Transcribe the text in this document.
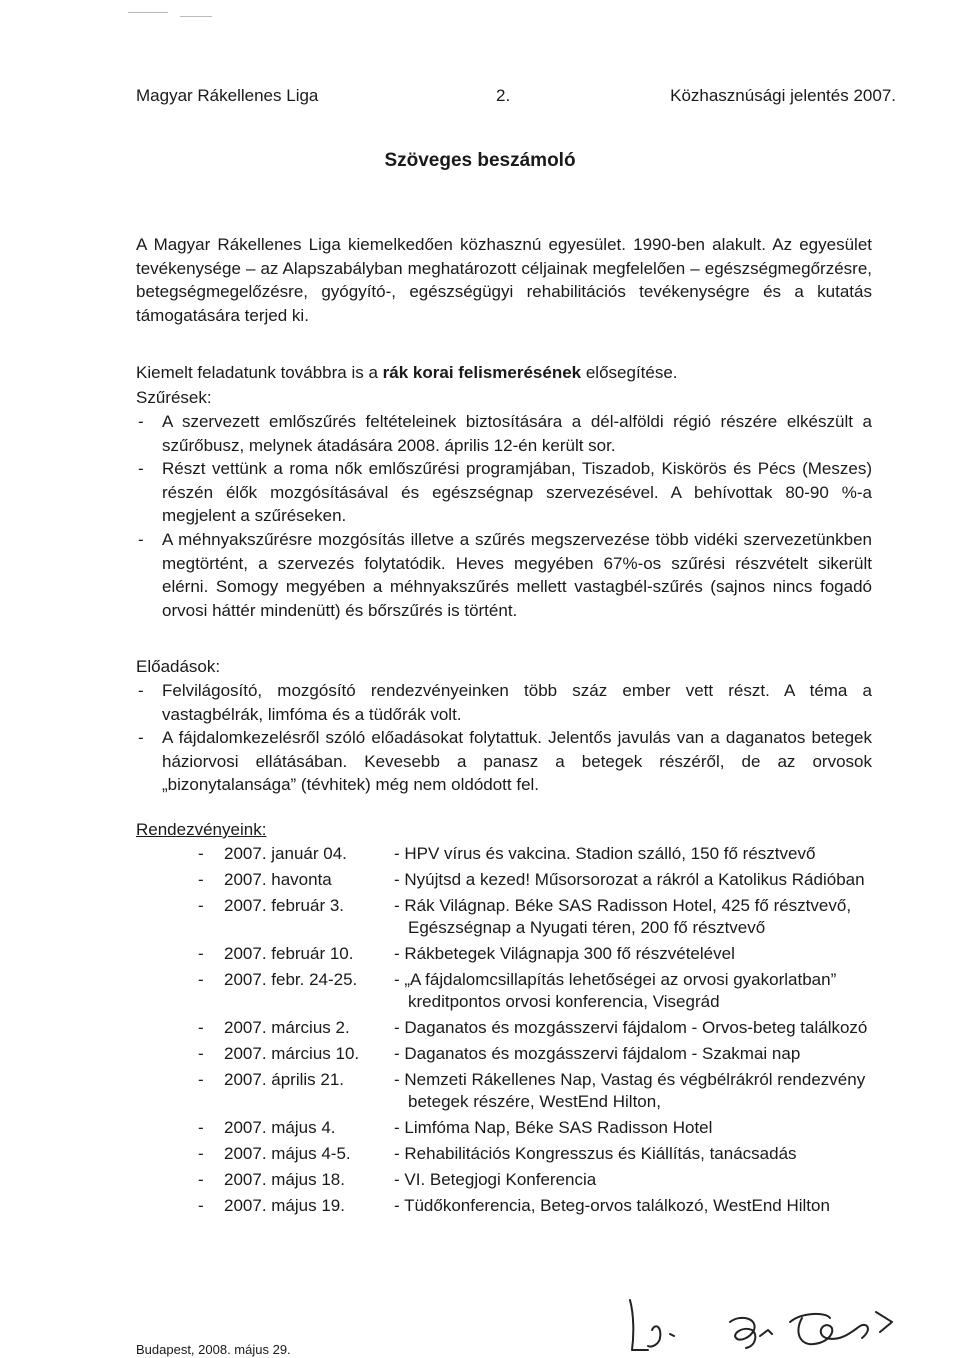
Magyar Rákellenes Liga	2.	Közhasznúsági jelentés 2007.
Szöveges beszámoló
A Magyar Rákellenes Liga kiemelkedően közhasznú egyesület. 1990-ben alakult. Az egyesület tevékenysége – az Alapszabályban meghatározott céljainak megfelelően – egészségmegőrzésre, betegségmegelőzésre, gyógyító-, egészségügyi rehabilitációs tevékenységre és a kutatás támogatására terjed ki.
Kiemelt feladatunk továbbra is a rák korai felismerésének elősegítése.
Szűrések:
- A szervezett emlőszűrés feltételeinek biztosítására a dél-alföldi régió részére elkészült a szűrőbusz, melynek átadására 2008. április 12-én került sor.
- Részt vettünk a roma nők emlőszűrési programjában, Tiszadob, Kiskörös és Pécs (Meszes) részén élők mozgósításával és egészségnap szervezésével. A behívottak 80-90 %-a megjelent a szűréseken.
- A méhnyakszűrésre mozgósítás illetve a szűrés megszervezése több vidéki szervezetünkben megtörtént, a szervezés folytatódik. Heves megyében 67%-os szűrési részvételt sikerült elérni. Somogy megyében a méhnyakszűrés mellett vastagbél-szűrés (sajnos nincs fogadó orvosi háttér mindenütt) és bőrszűrés is történt.
Előadások:
- Felvilágosító, mozgósító rendezvényeinken több száz ember vett részt. A téma a vastagbélrák, limfóma és a tüdőrák volt.
- A fájdalomkezelésről szóló előadásokat folytattuk. Jelentős javulás van a daganatos betegek háziorvosi ellátásában. Kevesebb a panasz a betegek részéről, de az orvosok „bizonytalansága” (tévhitek) még nem oldódott fel.
Rendezvényeink:
- 2007. január 04.	- HPV vírus és vakcina. Stadion szálló, 150 fő résztvevő
- 2007. havonta	- Nyújtsd a kezed! Műsorsorozat a rákról a Katolikus Rádióban
- 2007. február 3.	- Rák Világnap. Béke SAS Radisson Hotel, 425 fő résztvevő, Egészségnap a Nyugati téren, 200 fő résztvevő
- 2007. február 10. - Rákbetegek Világnapja 300 fő részvételével
- 2007. febr. 24-25. - „A fájdalomcsillapítás lehetőségei az orvosi gyakorlatban” kreditpontos orvosi konferencia, Visegrád
- 2007. március 2.	- Daganatos és mozgásszervi fájdalom - Orvos-beteg találkozó
- 2007. március 10. - Daganatos és mozgásszervi fájdalom - Szakmai nap
- 2007. április 21.	- Nemzeti Rákellenes Nap, Vastag és végbélrákról rendezvény betegek részére, WestEnd Hilton,
- 2007. május 4.	- Limfóma Nap, Béke SAS Radisson Hotel
- 2007. május 4-5.	- Rehabilitációs Kongresszus és Kiállítás, tanácsadás
- 2007. május 18.	- VI. Betegjogi Konferencia
- 2007. május 19.	- Tüdőkonferencia, Beteg-orvos találkozó, WestEnd Hilton
Budapest, 2008. május 29.
